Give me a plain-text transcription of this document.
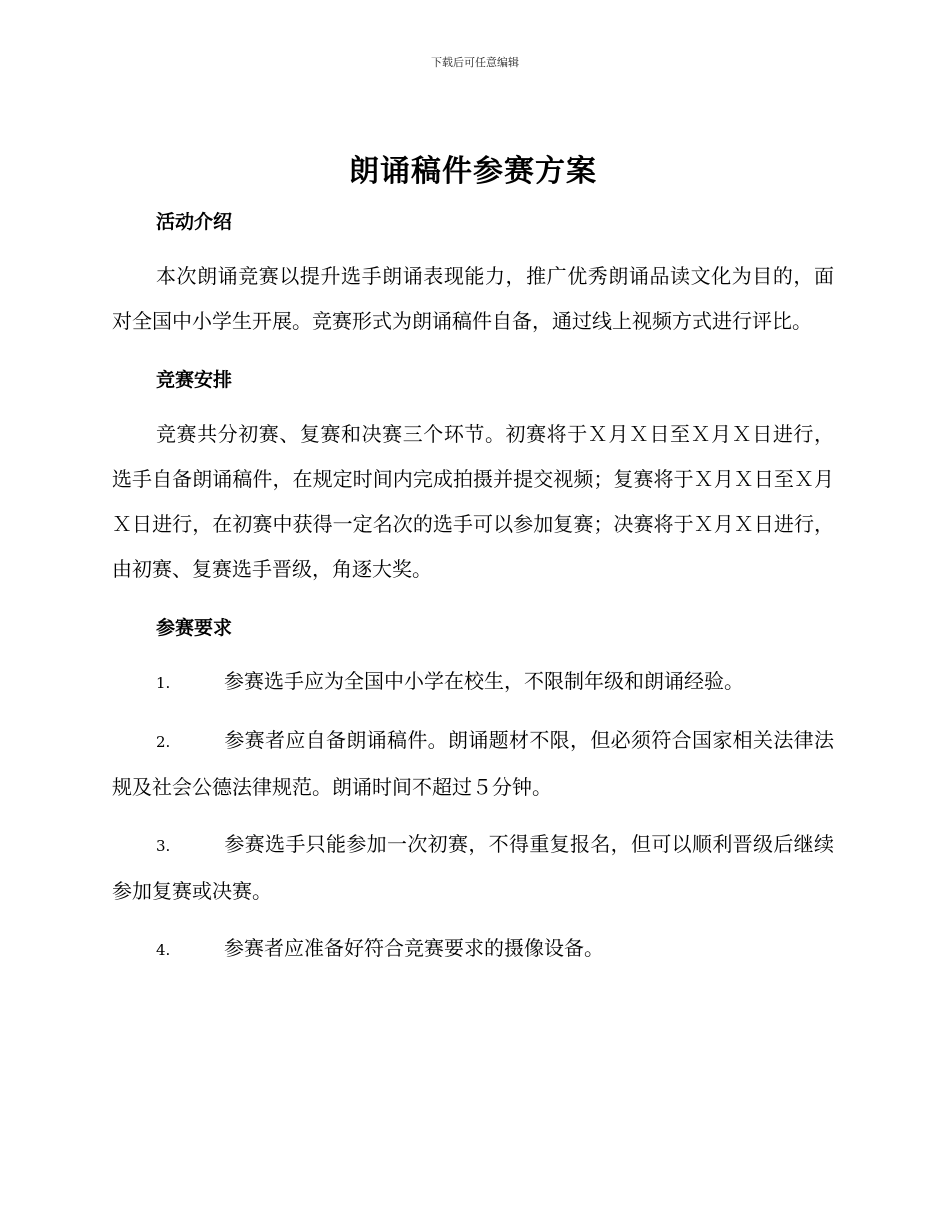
下载后可任意编辑
朗诵稿件参赛方案
活动介绍

本次朗诵竞赛以提升选手朗诵表现能力，推广优秀朗诵品读文化为目的，面对全国中小学生开展。竞赛形式为朗诵稿件自备，通过线上视频方式进行评比。

竞赛安排

竞赛共分初赛、复赛和决赛三个环节。初赛将于Ｘ月Ｘ日至Ｘ月Ｘ日进行，选手自备朗诵稿件，在规定时间内完成拍摄并提交视频；复赛将于Ｘ月Ｘ日至Ｘ月Ｘ日进行，在初赛中获得一定名次的选手可以参加复赛；决赛将于Ｘ月Ｘ日进行，由初赛、复赛选手晋级，角逐大奖。

参赛要求

1.	参赛选手应为全国中小学在校生，不限制年级和朗诵经验。

2.	参赛者应自备朗诵稿件。朗诵题材不限，但必须符合国家相关法律法规及社会公德法律规范。朗诵时间不超过５分钟。

3.	参赛选手只能参加一次初赛，不得重复报名，但可以顺利晋级后继续参加复赛或决赛。

4.	参赛者应准备好符合竞赛要求的摄像设备。
